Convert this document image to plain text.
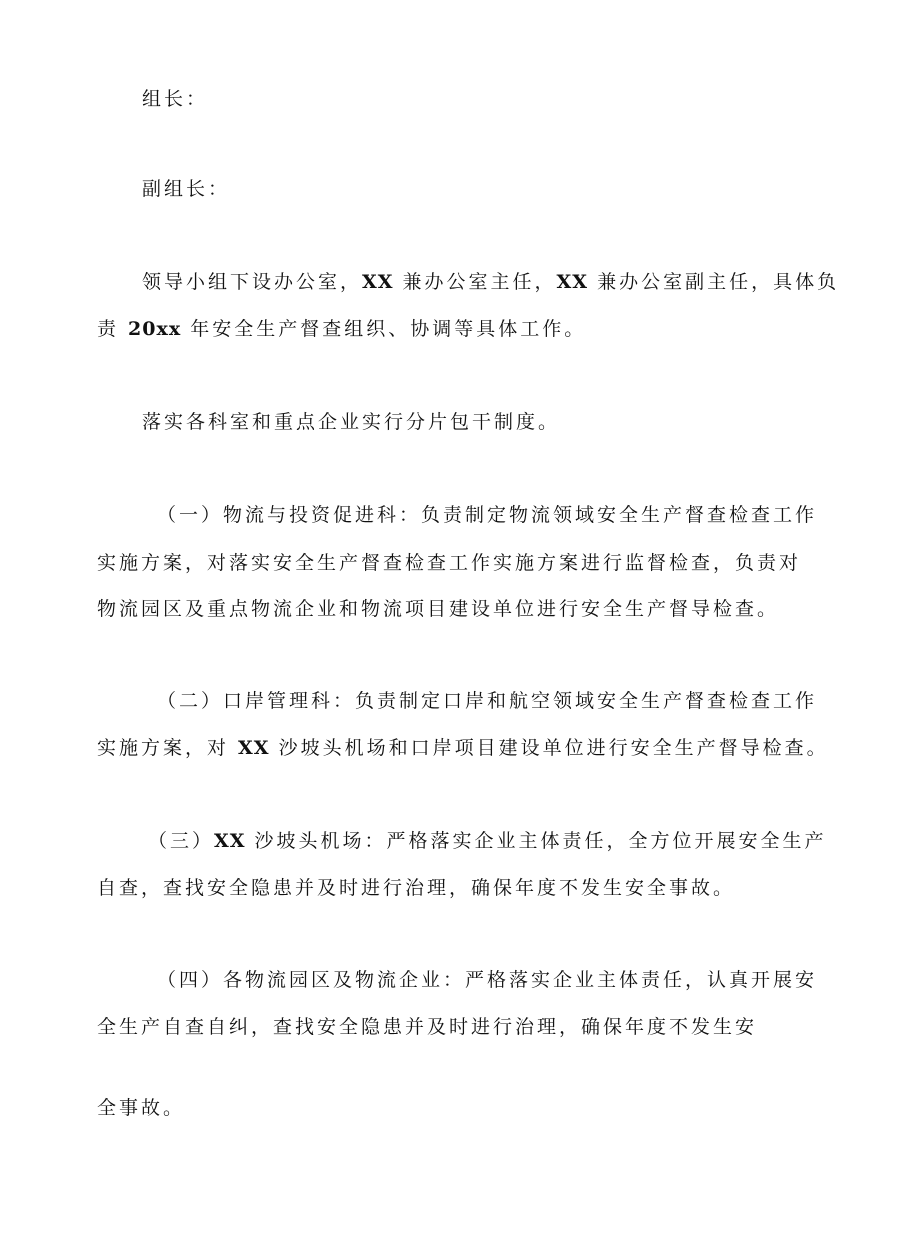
组长：
副组长：
领导小组下设办公室，XX 兼办公室主任，XX 兼办公室副主任，具体负
责 20xx 年安全生产督查组织、协调等具体工作。
落实各科室和重点企业实行分片包干制度。
（一）物流与投资促进科：负责制定物流领域安全生产督查检查工作
实施方案，对落实安全生产督查检查工作实施方案进行监督检查，负责对
物流园区及重点物流企业和物流项目建设单位进行安全生产督导检查。
（二）口岸管理科：负责制定口岸和航空领域安全生产督查检查工作
实施方案，对 XX 沙坡头机场和口岸项目建设单位进行安全生产督导检查。
（三）XX 沙坡头机场：严格落实企业主体责任，全方位开展安全生产
自查，查找安全隐患并及时进行治理，确保年度不发生安全事故。
（四）各物流园区及物流企业：严格落实企业主体责任，认真开展安
全生产自查自纠，查找安全隐患并及时进行治理，确保年度不发生安
全事故。
